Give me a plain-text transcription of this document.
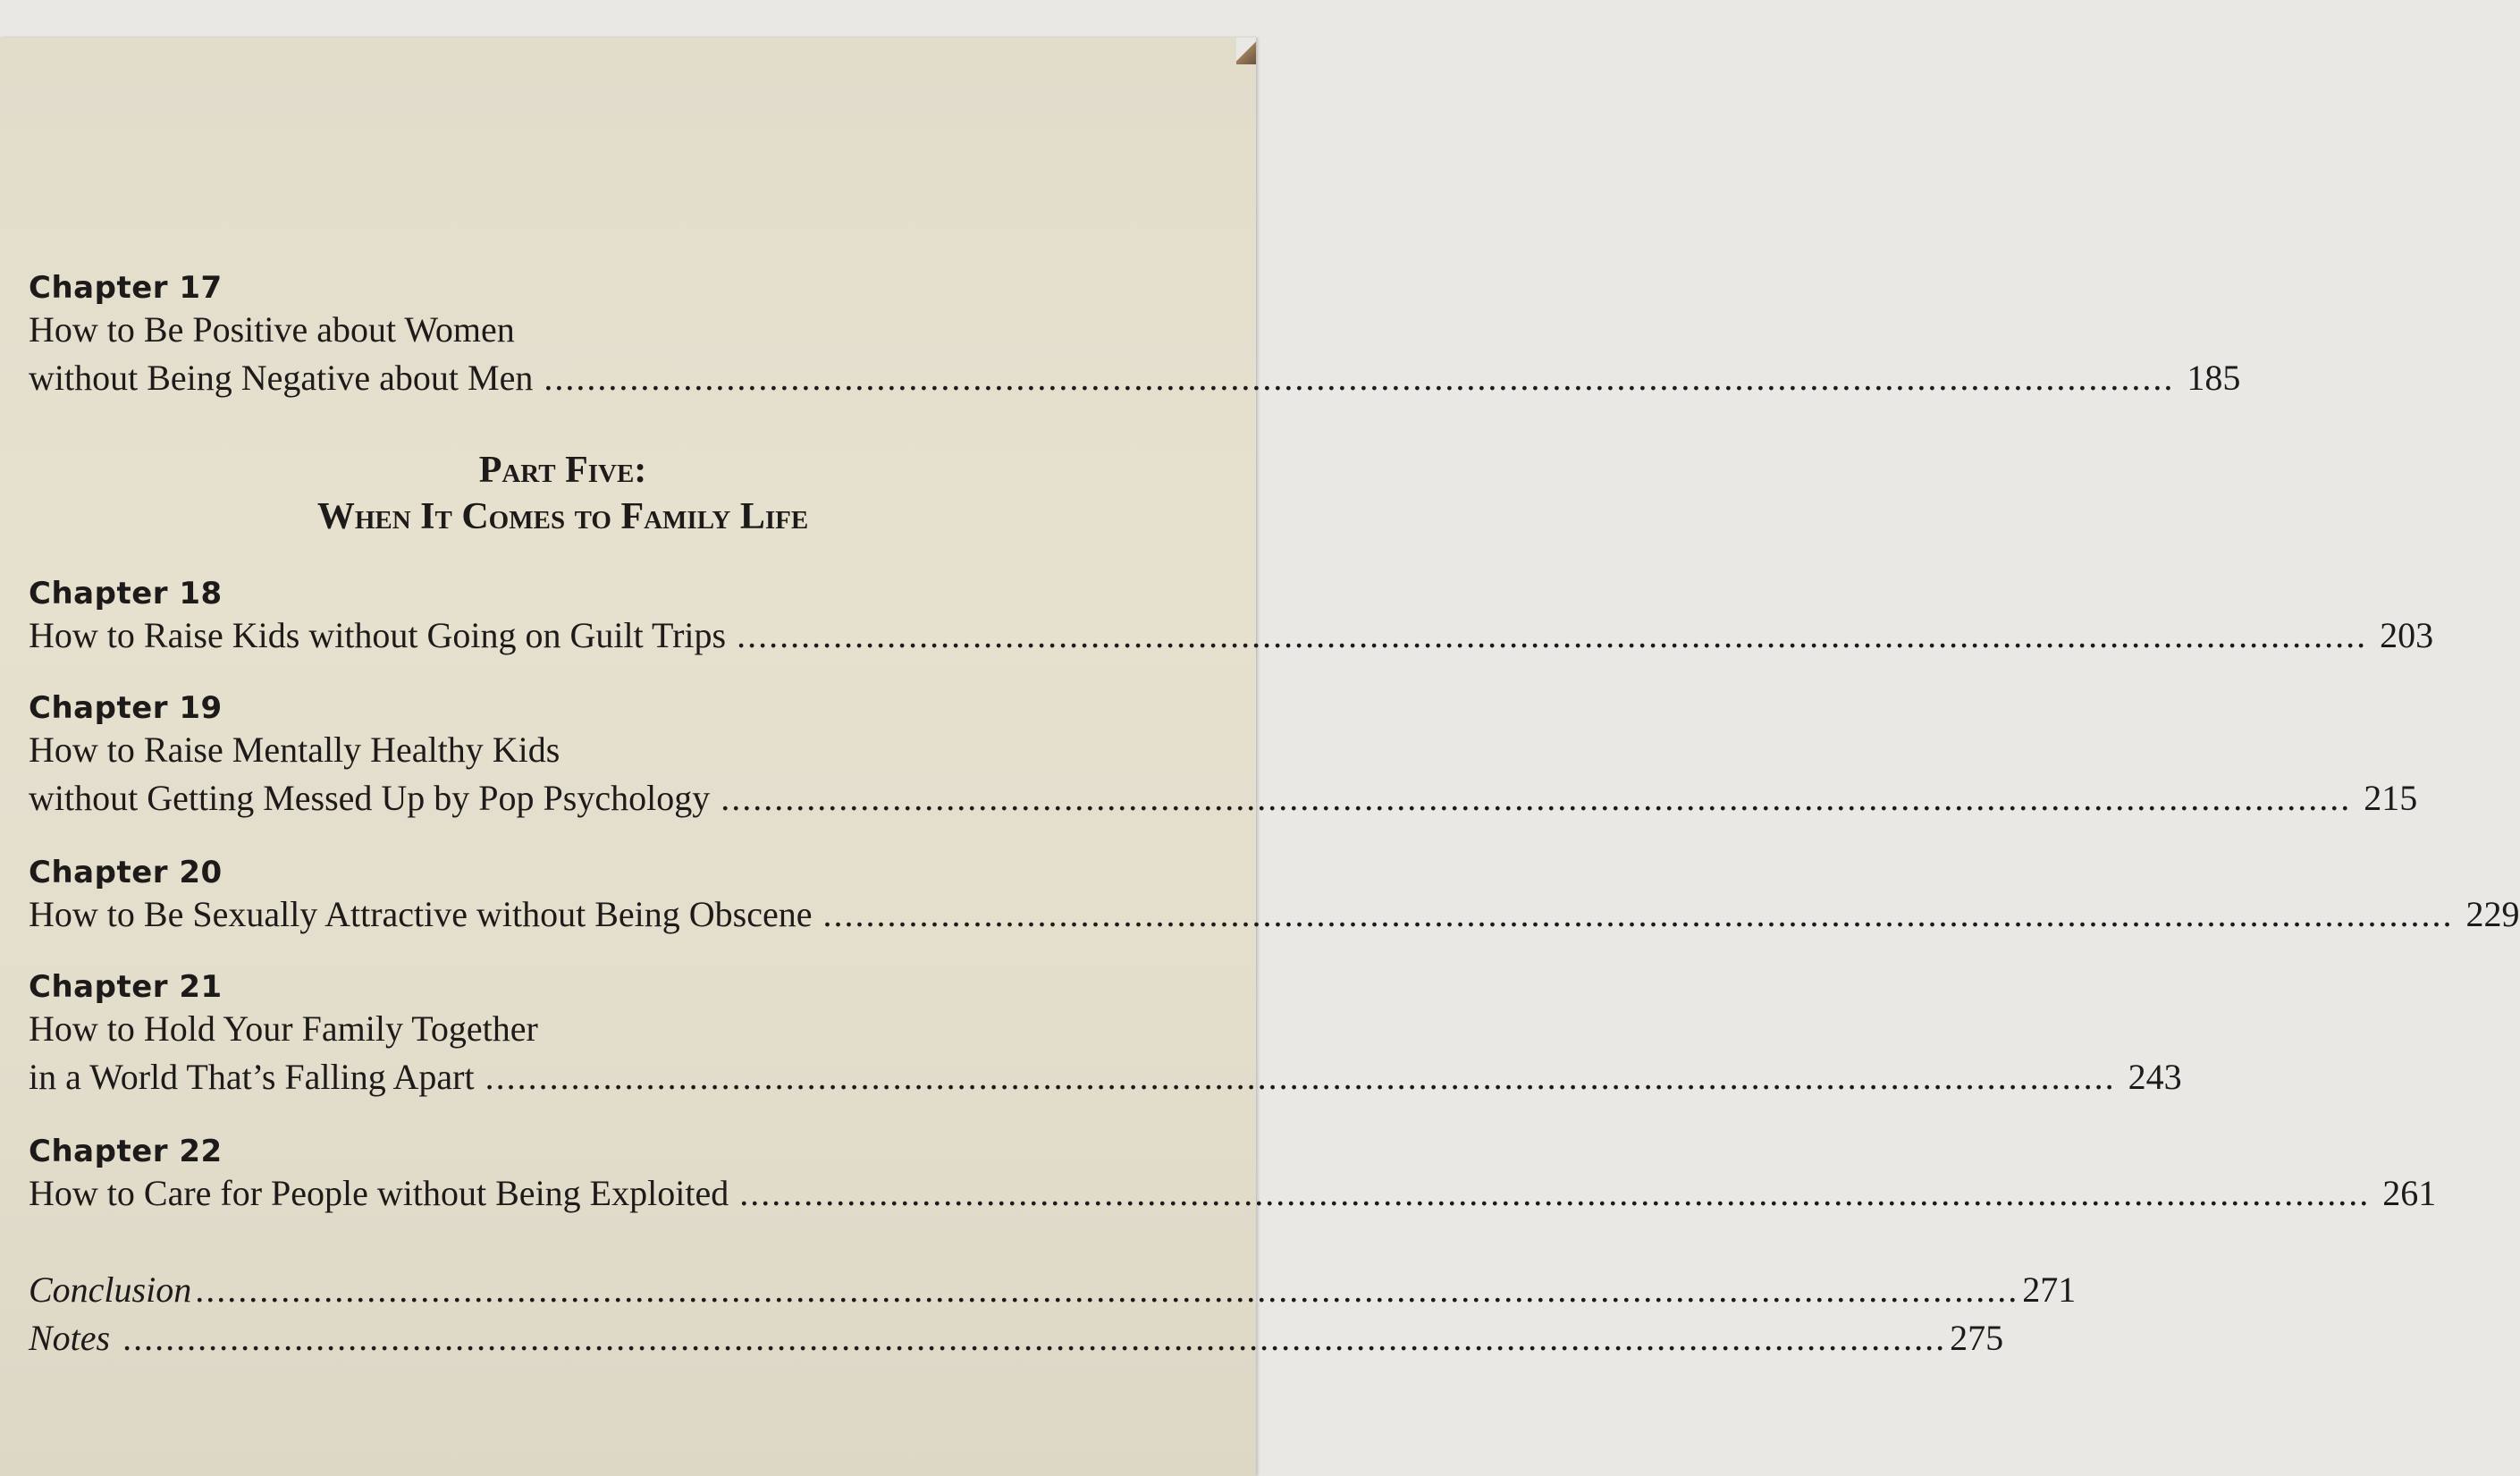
Chapter 17
How to Be Positive about Women
without Being Negative about Men ........................................................................................................................................................ 185
Part Five:
When It Comes to Family Life
Chapter 18
How to Raise Kids without Going on Guilt Trips ........................................................................................................................................................ 203
Chapter 19
How to Raise Mentally Healthy Kids
without Getting Messed Up by Pop Psychology ........................................................................................................................................................ 215
Chapter 20
How to Be Sexually Attractive without Being Obscene ........................................................................................................................................................ 229
Chapter 21
How to Hold Your Family Together
in a World That’s Falling Apart ........................................................................................................................................................ 243
Chapter 22
How to Care for People without Being Exploited ........................................................................................................................................................ 261
Conclusion .......................................................................................................................................................................... 271
Notes .......................................................................................................................................................................... 275
